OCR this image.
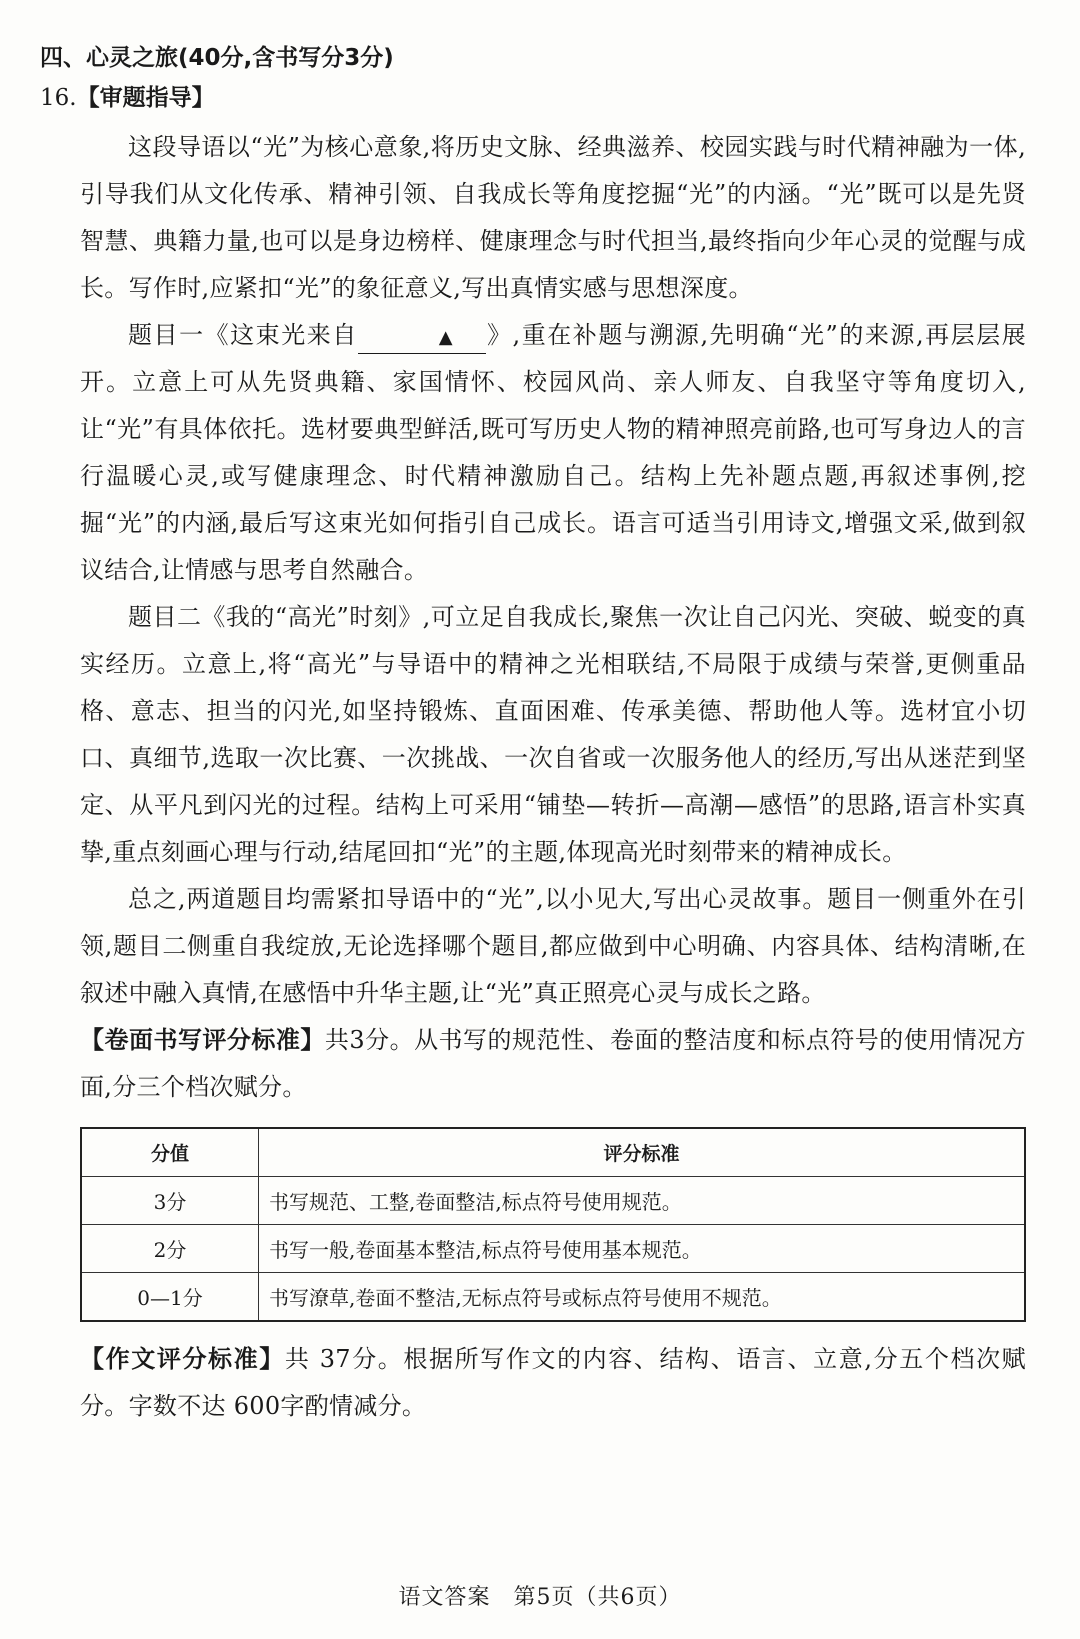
四、心灵之旅(40分,含书写分3分)
16.【审题指导】

这段导语以“光”为核心意象,将历史文脉、经典滋养、校园实践与时代精神融为一体,引导我们从文化传承、精神引领、自我成长等角度挖掘“光”的内涵。“光”既可以是先贤智慧、典籍力量,也可以是身边榜样、健康理念与时代担当,最终指向少年心灵的觉醒与成长。写作时,应紧扣“光”的象征意义,写出真情实感与思想深度。

题目一《这束光来自	▲ 》,重在补题与溯源,先明确“光”的来源,再层层展开。立意上可从先贤典籍、家国情怀、校园风尚、亲人师友、自我坚守等角度切入,让“光”有具体依托。选材要典型鲜活,既可写历史人物的精神照亮前路,也可写身边人的言行温暖心灵,或写健康理念、时代精神激励自己。结构上先补题点题,再叙述事例,挖掘“光”的内涵,最后写这束光如何指引自己成长。语言可适当引用诗文,增强文采,做到叙议结合,让情感与思考自然融合。

题目二《我的“高光”时刻》,可立足自我成长,聚焦一次让自己闪光、突破、蜕变的真实经历。立意上,将“高光”与导语中的精神之光相联结,不局限于成绩与荣誉,更侧重品格、意志、担当的闪光,如坚持锻炼、直面困难、传承美德、帮助他人等。选材宜小切口、真细节,选取一次比赛、一次挑战、一次自省或一次服务他人的经历,写出从迷茫到坚定、从平凡到闪光的过程。结构上可采用“铺垫—转折—高潮—感悟”的思路,语言朴实真挚,重点刻画心理与行动,结尾回扣“光”的主题,体现高光时刻带来的精神成长。

总之,两道题目均需紧扣导语中的“光”,以小见大,写出心灵故事。题目一侧重外在引领,题目二侧重自我绽放,无论选择哪个题目,都应做到中心明确、内容具体、结构清晰,在叙述中融入真情,在感悟中升华主题,让“光”真正照亮心灵与成长之路。

【卷面书写评分标准】共3分。从书写的规范性、卷面的整洁度和标点符号的使用情况方面,分三个档次赋分。

分值	评分标准
3分	书写规范、工整,卷面整洁,标点符号使用规范。
2分	书写一般,卷面基本整洁,标点符号使用基本规范。
0—1分	书写潦草,卷面不整洁,无标点符号或标点符号使用不规范。

【作文评分标准】共 37分。根据所写作文的内容、结构、语言、立意,分五个档次赋分。字数不达 600字酌情减分。

语文答案　第5页（共6页）
